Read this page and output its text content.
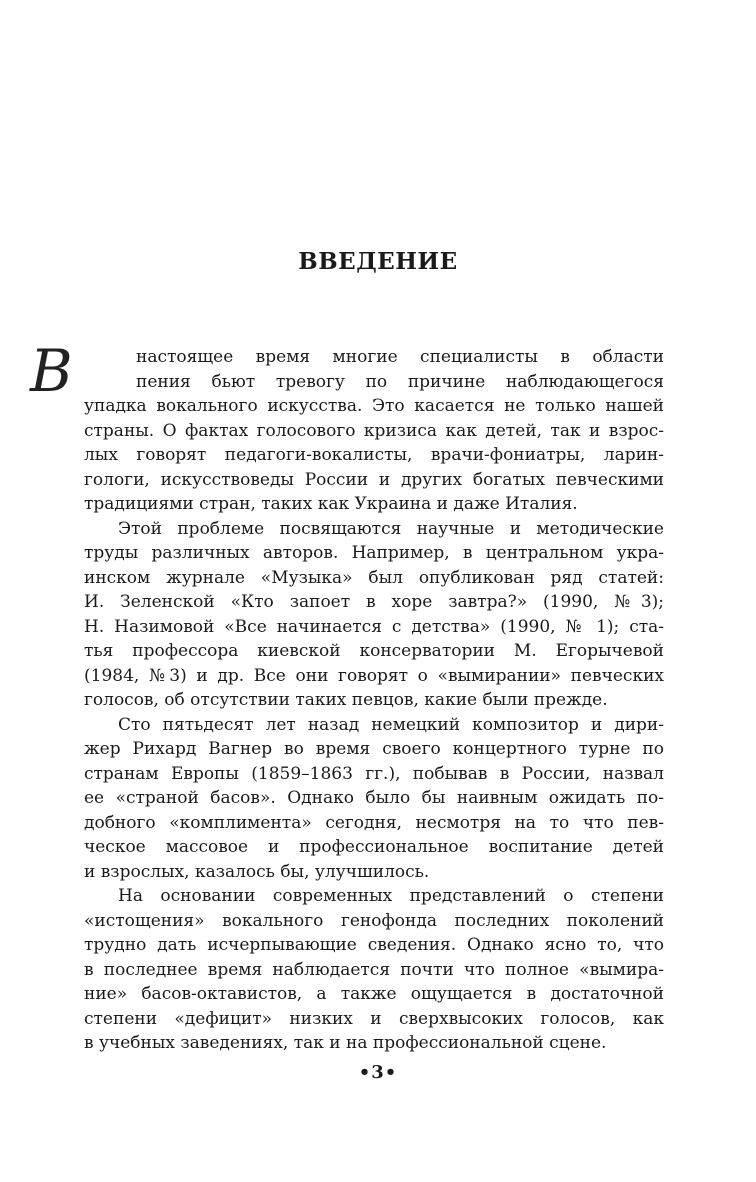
ВВЕДЕНИЕ
В	настоящее время многие специалисты в области
пения бьют тревогу по причине наблюдающегося
упадка вокального искусства. Это касается не только нашей
страны. О фактах голосового кризиса как детей, так и взрос-
лых говорят педагоги-вокалисты, врачи-фониатры, ларин-
гологи, искусствоведы России и других богатых певческими
традициями стран, таких как Украина и даже Италия.
Этой проблеме посвящаются научные и методические
труды различных авторов. Например, в центральном укра-
инском журнале «Музыка» был опубликован ряд статей:
И. Зеленской «Кто запоет в хоре завтра?» (1990, №3);
Н. Назимовой «Все начинается с детства» (1990, № 1); ста-
тья профессора киевской консерватории М. Егорычевой
(1984, №3) и др. Все они говорят о «вымирании» певческих
голосов, об отсутствии таких певцов, какие были прежде.
Сто пятьдесят лет назад немецкий композитор и дири-
жер Рихард Вагнер во время своего концертного турне по
странам Европы (1859–1863 гг.), побывав в России, назвал
ее «страной басов». Однако было бы наивным ожидать по-
добного «комплимента» сегодня, несмотря на то что пев-
ческое массовое и профессиональное воспитание детей
и взрослых, казалось бы, улучшилось.
На основании современных представлений о степени
«истощения» вокального генофонда последних поколений
трудно дать исчерпывающие сведения. Однако ясно то, что
в последнее время наблюдается почти что полное «вымира-
ние» басов-октавистов, а также ощущается в достаточной
степени «дефицит» низких и сверхвысоких голосов, как
в учебных заведениях, так и на профессиональной сцене.
•3•
